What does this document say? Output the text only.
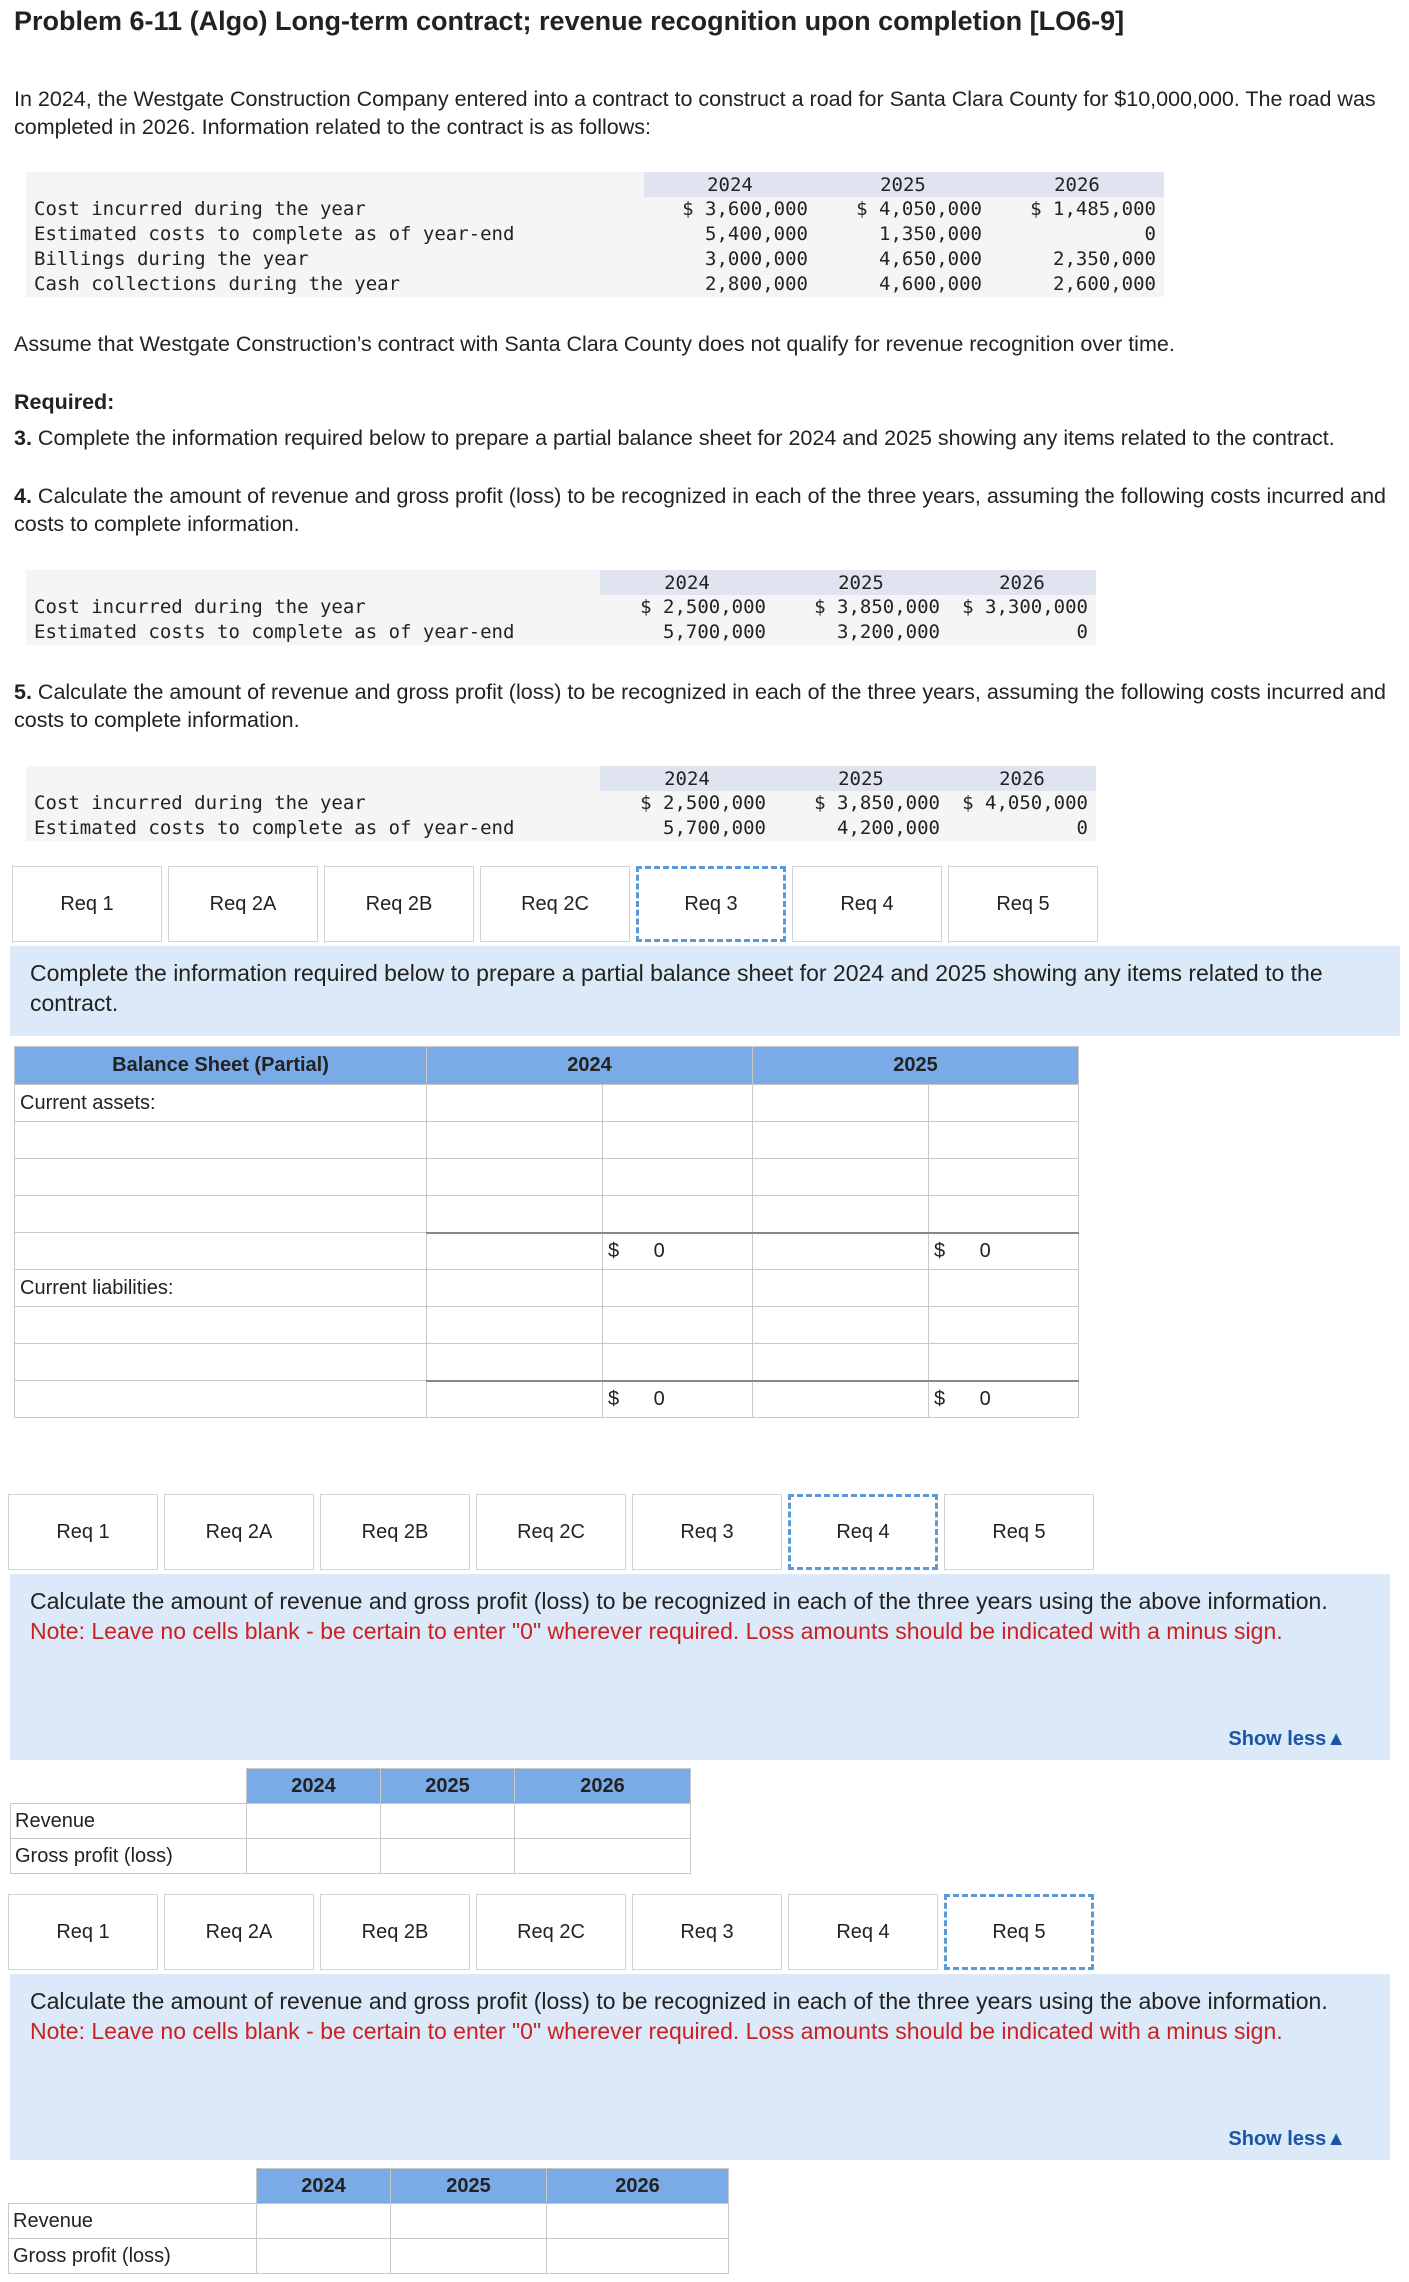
Problem 6-11 (Algo) Long-term contract; revenue recognition upon completion [LO6-9]
In 2024, the Westgate Construction Company entered into a contract to construct a road for Santa Clara County for $10,000,000. The road was completed in 2026. Information related to the contract is as follows:
	2024	2025	2026
Cost incurred during the year	$ 3,600,000	$ 4,050,000	$ 1,485,000
Estimated costs to complete as of year-end	5,400,000	1,350,000	0
Billings during the year	3,000,000	4,650,000	2,350,000
Cash collections during the year	2,800,000	4,600,000	2,600,000
Assume that Westgate Construction’s contract with Santa Clara County does not qualify for revenue recognition over time.
Required:
3. Complete the information required below to prepare a partial balance sheet for 2024 and 2025 showing any items related to the contract.
4. Calculate the amount of revenue and gross profit (loss) to be recognized in each of the three years, assuming the following costs incurred and costs to complete information.
	2024	2025	2026
Cost incurred during the year	$ 2,500,000	$ 3,850,000	$ 3,300,000
Estimated costs to complete as of year-end	5,700,000	3,200,000	0
5. Calculate the amount of revenue and gross profit (loss) to be recognized in each of the three years, assuming the following costs incurred and costs to complete information.
	2024	2025	2026
Cost incurred during the year	$ 2,500,000	$ 3,850,000	$ 4,050,000
Estimated costs to complete as of year-end	5,700,000	4,200,000	0
Req 1	Req 2A	Req 2B	Req 2C	Req 3	Req 4	Req 5
Complete the information required below to prepare a partial balance sheet for 2024 and 2025 showing any items related to the contract.
Balance Sheet (Partial)	2024		2025	
Current assets:				

		$ 0		$ 0
Current liabilities:				

		$ 0		$ 0
Req 1	Req 2A	Req 2B	Req 2C	Req 3	Req 4	Req 5
Calculate the amount of revenue and gross profit (loss) to be recognized in each of the three years using the above information.
Note: Leave no cells blank - be certain to enter "0" wherever required. Loss amounts should be indicated with a minus sign.
Show less▲
	2024	2025	2026
Revenue			
Gross profit (loss)			
Req 1	Req 2A	Req 2B	Req 2C	Req 3	Req 4	Req 5
Calculate the amount of revenue and gross profit (loss) to be recognized in each of the three years using the above information.
Note: Leave no cells blank - be certain to enter "0" wherever required. Loss amounts should be indicated with a minus sign.
Show less▲
	2024	2025	2026
Revenue			
Gross profit (loss)			
